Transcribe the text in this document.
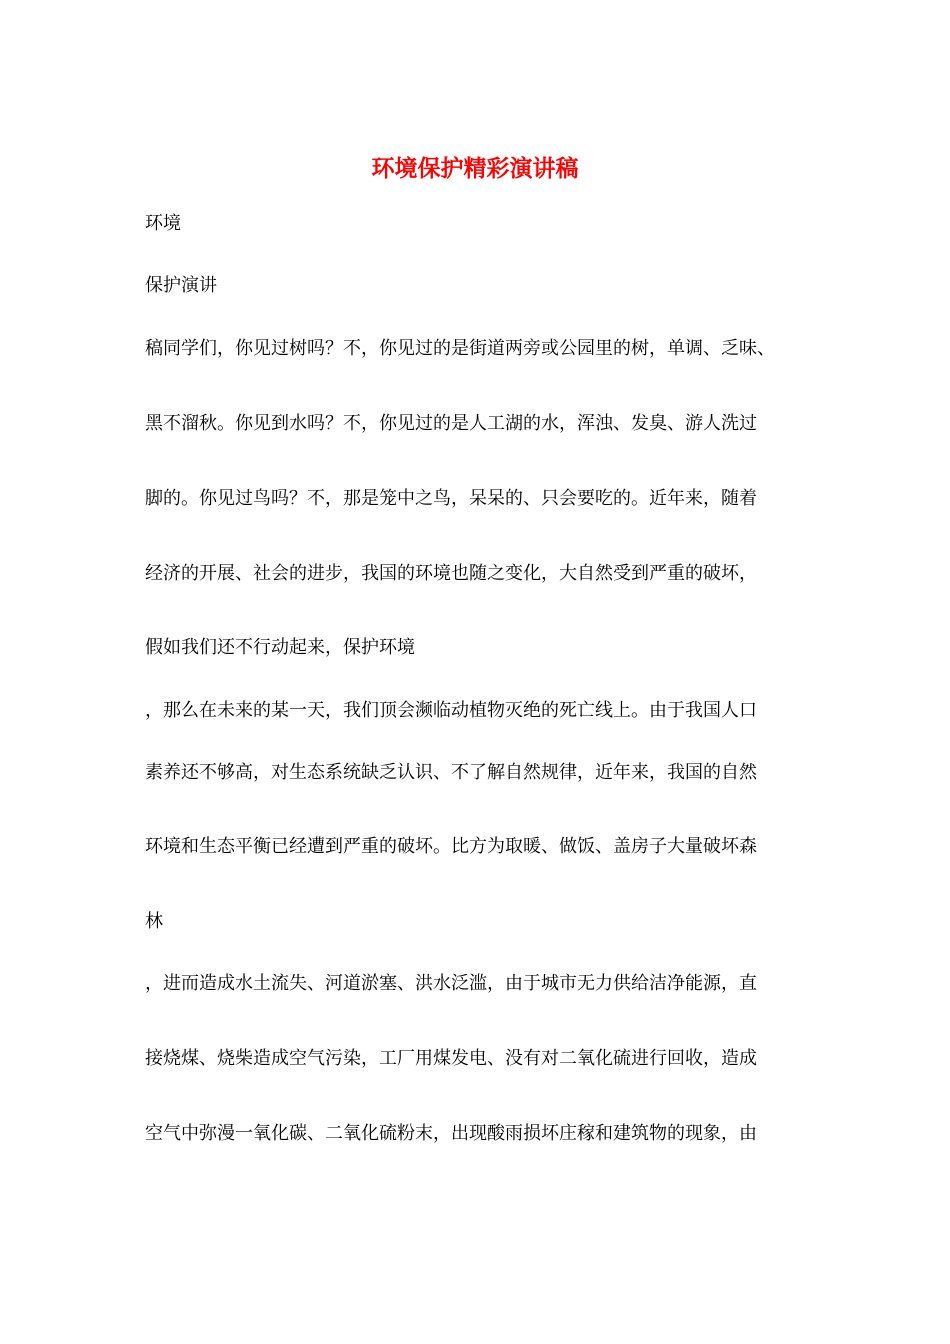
环境保护精彩演讲稿
环境
保护演讲
稿同学们，你见过树吗？不，你见过的是街道两旁或公园里的树，单调、乏味、
黑不溜秋。你见到水吗？不，你见过的是人工湖的水，浑浊、发臭、游人洗过
脚的。你见过鸟吗？不，那是笼中之鸟，呆呆的、只会要吃的。近年来，随着
经济的开展、社会的进步，我国的环境也随之变化，大自然受到严重的破坏，
假如我们还不行动起来，保护环境
，那么在未来的某一天，我们顶会濒临动植物灭绝的死亡线上。由于我国人口
素养还不够高，对生态系统缺乏认识、不了解自然规律，近年来，我国的自然
环境和生态平衡已经遭到严重的破坏。比方为取暖、做饭、盖房子大量破坏森
林
，进而造成水土流失、河道淤塞、洪水泛滥，由于城市无力供给洁净能源，直
接烧煤、烧柴造成空气污染，工厂用煤发电、没有对二氧化硫进行回收，造成
空气中弥漫一氧化碳、二氧化硫粉末，出现酸雨损坏庄稼和建筑物的现象，由
